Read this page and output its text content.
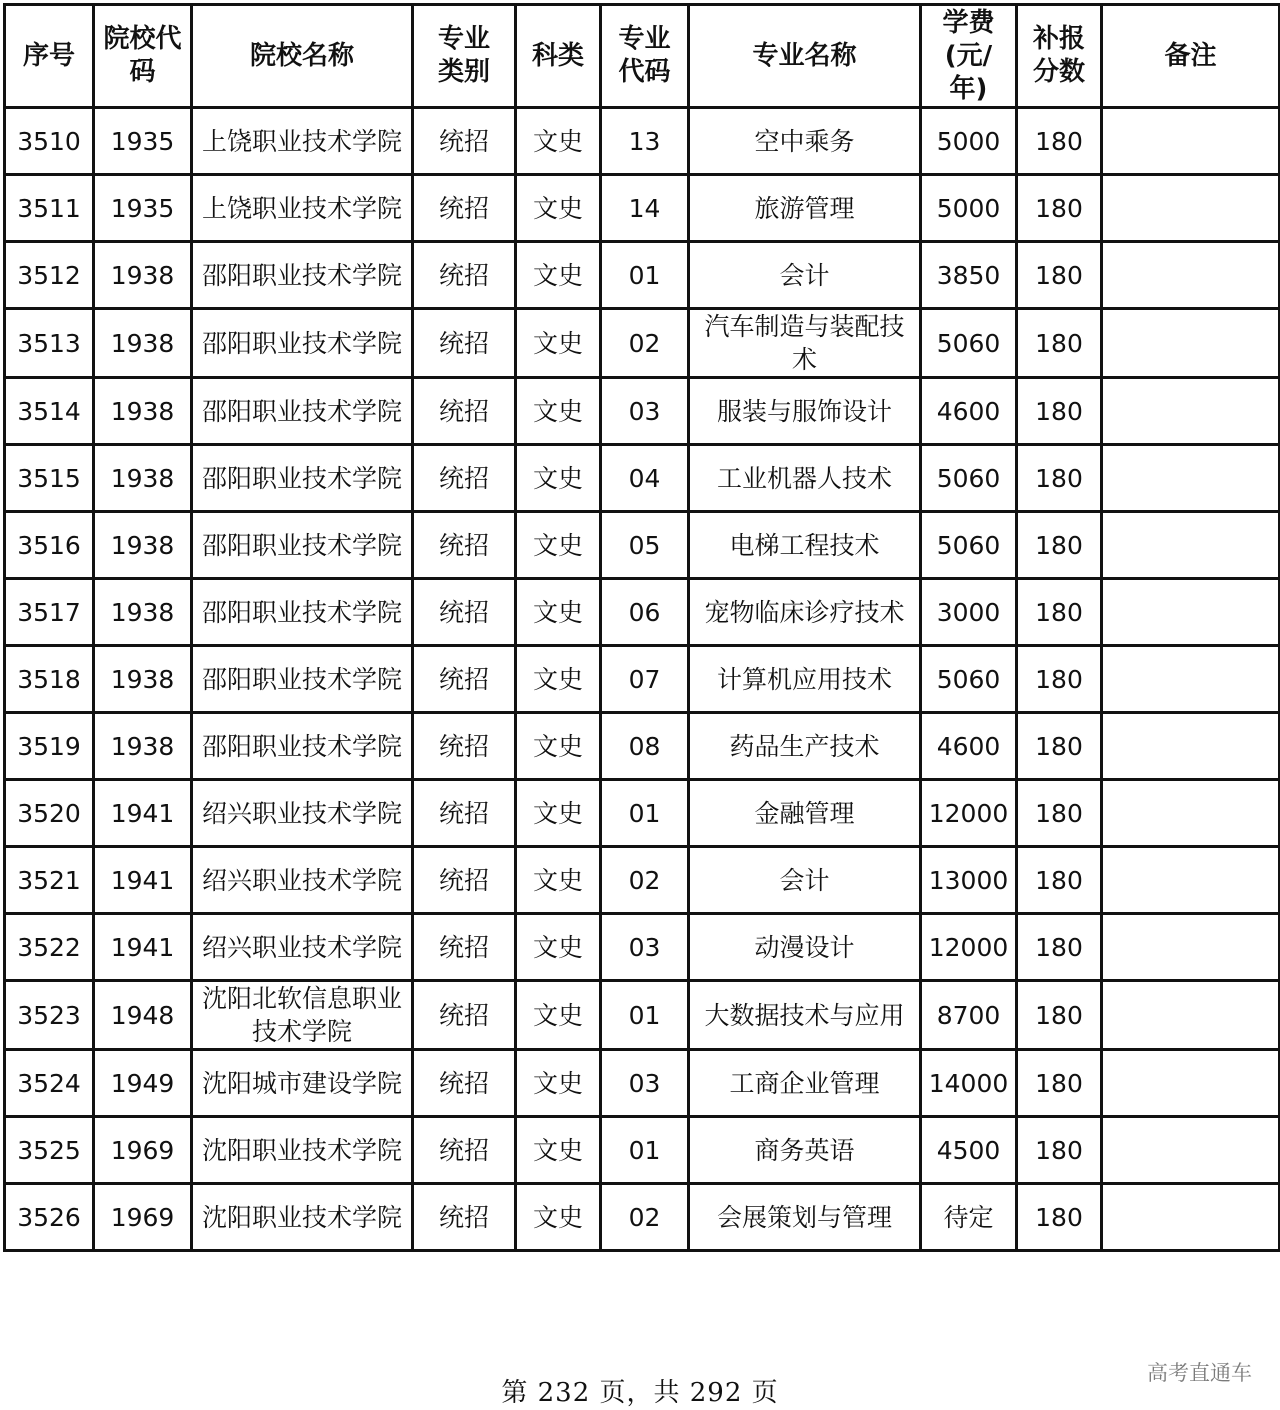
序号	院校代码	院校名称	专业类别	科类	专业代码	专业名称	学费(元/年)	补报分数	备注
3510	1935	上饶职业技术学院	统招	文史	13	空中乘务	5000	180	
3511	1935	上饶职业技术学院	统招	文史	14	旅游管理	5000	180	
3512	1938	邵阳职业技术学院	统招	文史	01	会计	3850	180	
3513	1938	邵阳职业技术学院	统招	文史	02	汽车制造与装配技术	5060	180	
3514	1938	邵阳职业技术学院	统招	文史	03	服装与服饰设计	4600	180	
3515	1938	邵阳职业技术学院	统招	文史	04	工业机器人技术	5060	180	
3516	1938	邵阳职业技术学院	统招	文史	05	电梯工程技术	5060	180	
3517	1938	邵阳职业技术学院	统招	文史	06	宠物临床诊疗技术	3000	180	
3518	1938	邵阳职业技术学院	统招	文史	07	计算机应用技术	5060	180	
3519	1938	邵阳职业技术学院	统招	文史	08	药品生产技术	4600	180	
3520	1941	绍兴职业技术学院	统招	文史	01	金融管理	12000	180	
3521	1941	绍兴职业技术学院	统招	文史	02	会计	13000	180	
3522	1941	绍兴职业技术学院	统招	文史	03	动漫设计	12000	180	
3523	1948	沈阳北软信息职业技术学院	统招	文史	01	大数据技术与应用	8700	180	
3524	1949	沈阳城市建设学院	统招	文史	03	工商企业管理	14000	180	
3525	1969	沈阳职业技术学院	统招	文史	01	商务英语	4500	180	
3526	1969	沈阳职业技术学院	统招	文史	02	会展策划与管理	待定	180	
第 232 页，共 292 页
高考直通车
